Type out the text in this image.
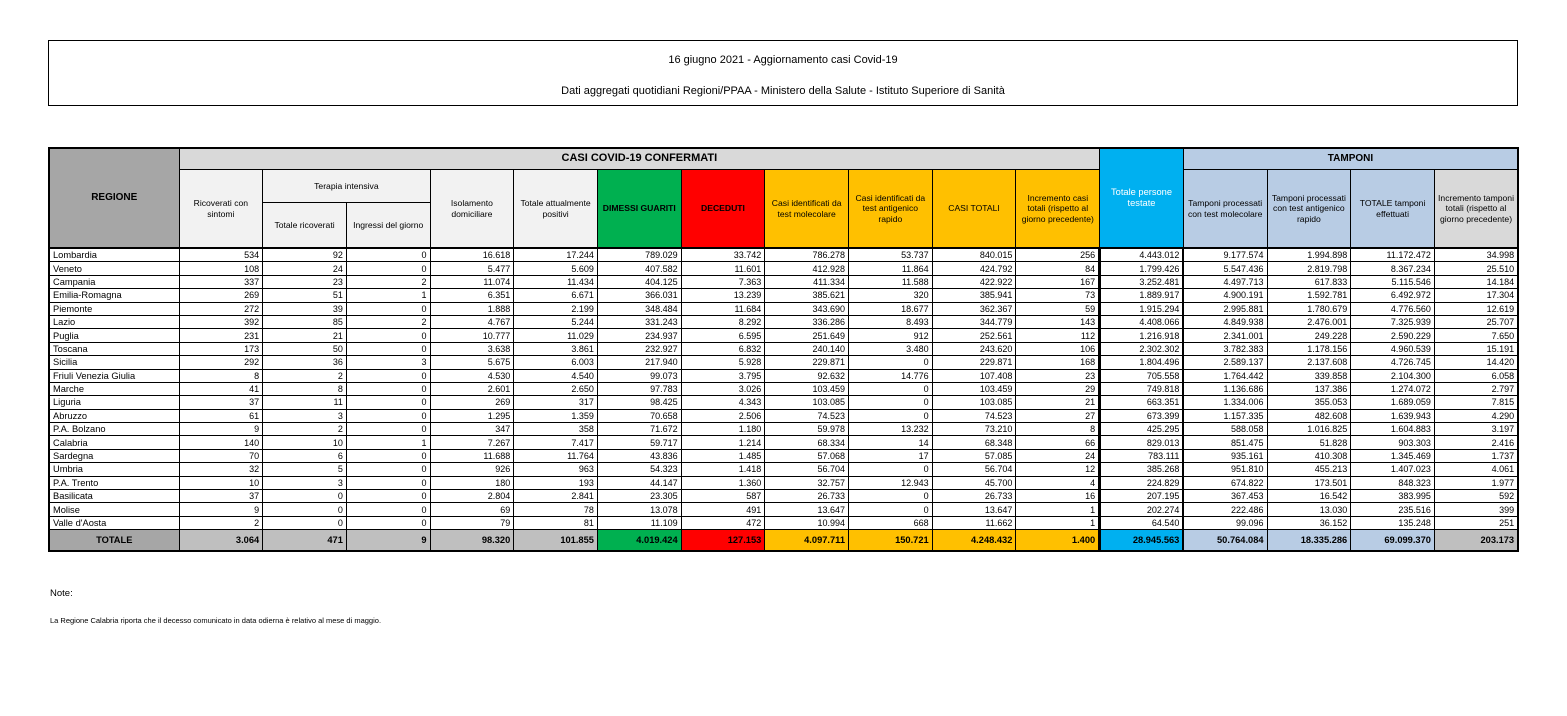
16 giugno 2021 - Aggiornamento casi Covid-19
Dati aggregati quotidiani Regioni/PPAA - Ministero della Salute - Istituto Superiore di Sanità
REGIONE	CASI COVID-19 CONFERMATI											Totale persone testate	TAMPONI			
	Ricoverati con sintomi	Terapia intensiva		Isolamento domiciliare	Totale attualmente positivi	DIMESSI GUARITI	DECEDUTI	Casi identificati da test molecolare	Casi identificati da test antigenico rapido	CASI TOTALI	Incremento casi totali (rispetto al giorno precedente)		Tamponi processati con test molecolare	Tamponi processati con test antigenico rapido	TOTALE tamponi effettuati	Incremento tamponi totali (rispetto al giorno precedente)
		Totale ricoverati	Ingressi del giorno													
Lombardia	534	92	0	16.618	17.244	789.029	33.742	786.278	53.737	840.015	256	4.443.012	9.177.574	1.994.898	11.172.472	34.998
Veneto	108	24	0	5.477	5.609	407.582	11.601	412.928	11.864	424.792	84	1.799.426	5.547.436	2.819.798	8.367.234	25.510
Campania	337	23	2	11.074	11.434	404.125	7.363	411.334	11.588	422.922	167	3.252.481	4.497.713	617.833	5.115.546	14.184
Emilia-Romagna	269	51	1	6.351	6.671	366.031	13.239	385.621	320	385.941	73	1.889.917	4.900.191	1.592.781	6.492.972	17.304
Piemonte	272	39	0	1.888	2.199	348.484	11.684	343.690	18.677	362.367	59	1.915.294	2.995.881	1.780.679	4.776.560	12.619
Lazio	392	85	2	4.767	5.244	331.243	8.292	336.286	8.493	344.779	143	4.408.066	4.849.938	2.476.001	7.325.939	25.707
Puglia	231	21	0	10.777	11.029	234.937	6.595	251.649	912	252.561	112	1.216.918	2.341.001	249.228	2.590.229	7.650
Toscana	173	50	0	3.638	3.861	232.927	6.832	240.140	3.480	243.620	106	2.302.302	3.782.383	1.178.156	4.960.539	15.191
Sicilia	292	36	3	5.675	6.003	217.940	5.928	229.871	0	229.871	168	1.804.496	2.589.137	2.137.608	4.726.745	14.420
Friuli Venezia Giulia	8	2	0	4.530	4.540	99.073	3.795	92.632	14.776	107.408	23	705.558	1.764.442	339.858	2.104.300	6.058
Marche	41	8	0	2.601	2.650	97.783	3.026	103.459	0	103.459	29	749.818	1.136.686	137.386	1.274.072	2.797
Liguria	37	11	0	269	317	98.425	4.343	103.085	0	103.085	21	663.351	1.334.006	355.053	1.689.059	7.815
Abruzzo	61	3	0	1.295	1.359	70.658	2.506	74.523	0	74.523	27	673.399	1.157.335	482.608	1.639.943	4.290
P.A. Bolzano	9	2	0	347	358	71.672	1.180	59.978	13.232	73.210	8	425.295	588.058	1.016.825	1.604.883	3.197
Calabria	140	10	1	7.267	7.417	59.717	1.214	68.334	14	68.348	66	829.013	851.475	51.828	903.303	2.416
Sardegna	70	6	0	11.688	11.764	43.836	1.485	57.068	17	57.085	24	783.111	935.161	410.308	1.345.469	1.737
Umbria	32	5	0	926	963	54.323	1.418	56.704	0	56.704	12	385.268	951.810	455.213	1.407.023	4.061
P.A. Trento	10	3	0	180	193	44.147	1.360	32.757	12.943	45.700	4	224.829	674.822	173.501	848.323	1.977
Basilicata	37	0	0	2.804	2.841	23.305	587	26.733	0	26.733	16	207.195	367.453	16.542	383.995	592
Molise	9	0	0	69	78	13.078	491	13.647	0	13.647	1	202.274	222.486	13.030	235.516	399
Valle d'Aosta	2	0	0	79	81	11.109	472	10.994	668	11.662	1	64.540	99.096	36.152	135.248	251
TOTALE	3.064	471	9	98.320	101.855	4.019.424	127.153	4.097.711	150.721	4.248.432	1.400	28.945.563	50.764.084	18.335.286	69.099.370	203.173
Note:
La Regione Calabria riporta che il decesso comunicato in data odierna è relativo al mese di maggio.
